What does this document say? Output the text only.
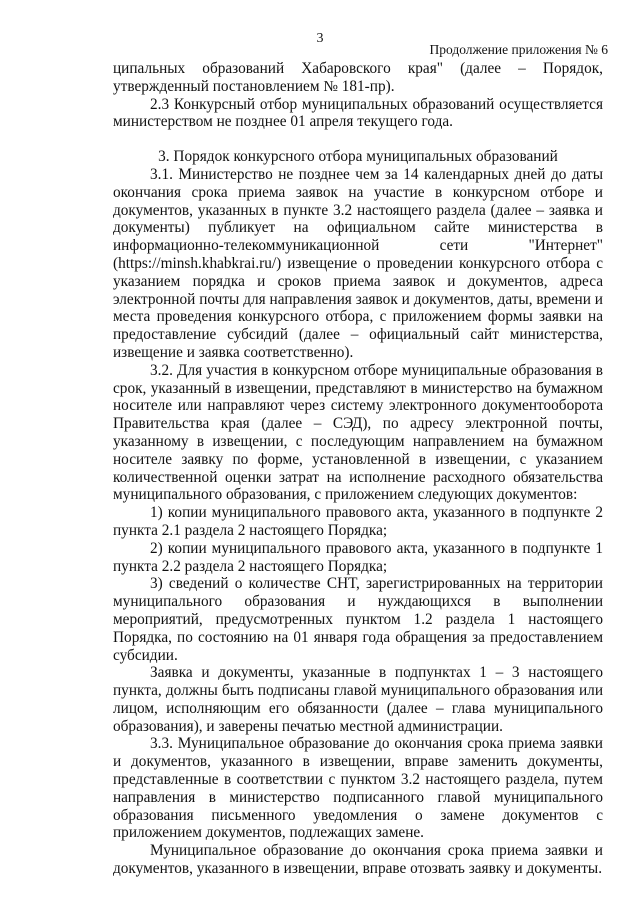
3
Продолжение приложения № 6

ципальных образований Хабаровского края" (далее – Порядок, утвержденный постановлением № 181-пр).

2.3 Конкурсный отбор муниципальных образований осуществляется министерством не позднее 01 апреля текущего года.

3. Порядок конкурсного отбора муниципальных образований

3.1. Министерство не позднее чем за 14 календарных дней до даты окончания срока приема заявок на участие в конкурсном отборе и документов, указанных в пункте 3.2 настоящего раздела (далее – заявка и документы) публикует на официальном сайте министерства в информационно-телекоммуникационной сети "Интернет" (https://minsh.khabkrai.ru/) извещение о проведении конкурсного отбора с указанием порядка и сроков приема заявок и документов, адреса электронной почты для направления заявок и документов, даты, времени и места проведения конкурсного отбора, с приложением формы заявки на предоставление субсидий (далее – официальный сайт министерства, извещение и заявка соответственно).

3.2. Для участия в конкурсном отборе муниципальные образования в срок, указанный в извещении, представляют в министерство на бумажном носителе или направляют через систему электронного документооборота Правительства края (далее – СЭД), по адресу электронной почты, указанному в извещении, с последующим направлением на бумажном носителе заявку по форме, установленной в извещении, с указанием количественной оценки затрат на исполнение расходного обязательства муниципального образования, с приложением следующих документов:

1) копии муниципального правового акта, указанного в подпункте 2 пункта 2.1 раздела 2 настоящего Порядка;

2) копии муниципального правового акта, указанного в подпункте 1 пункта 2.2 раздела 2 настоящего Порядка;

3) сведений о количестве СНТ, зарегистрированных на территории муниципального образования и нуждающихся в выполнении мероприятий, предусмотренных пунктом 1.2 раздела 1 настоящего Порядка, по состоянию на 01 января года обращения за предоставлением субсидии.

Заявка и документы, указанные в подпунктах 1 – 3 настоящего пункта, должны быть подписаны главой муниципального образования или лицом, исполняющим его обязанности (далее – глава муниципального образования), и заверены печатью местной администрации.

3.3. Муниципальное образование до окончания срока приема заявки и документов, указанного в извещении, вправе заменить документы, представленные в соответствии с пунктом 3.2 настоящего раздела, путем направления в министерство подписанного главой муниципального образования письменного уведомления о замене документов с приложением документов, подлежащих замене.

Муниципальное образование до окончания срока приема заявки и документов, указанного в извещении, вправе отозвать заявку и документы.
